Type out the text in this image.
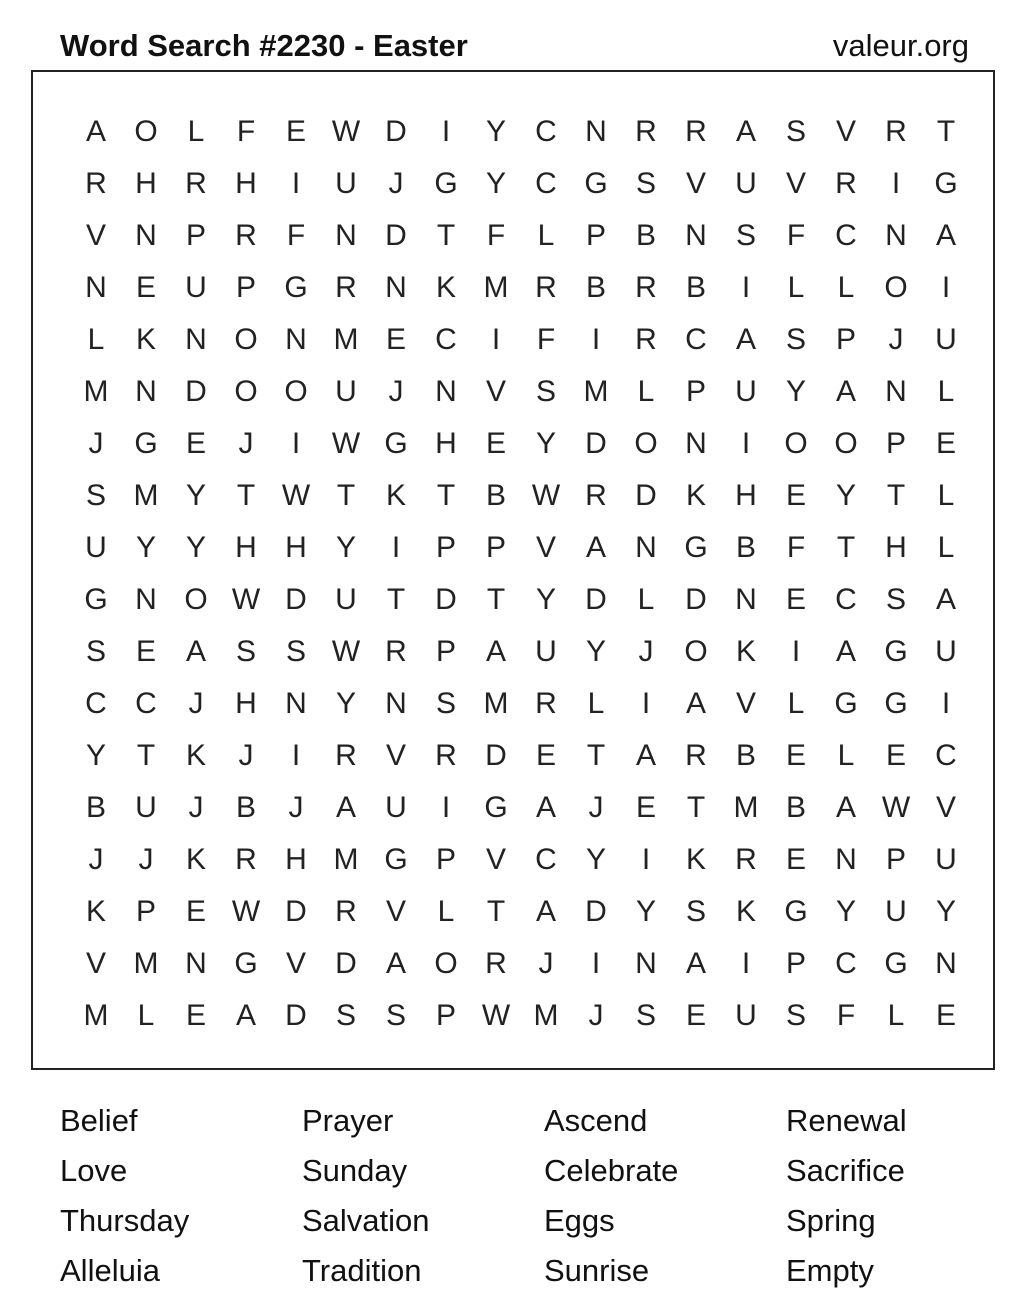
Word Search #2230 - Easter	valeur.org
A O L	F	E W D	I	Y C N R R A S V R	T
R H R H	I	U	J	G Y C G S V U V R	I	G
V N P R	F	N D	T	F	L	P B N S	F	C N A
N E U P G R N K M R B R B	I	L	L O	I
L	K N O N M E C	I	F	I	R C A S P	J	U
M N D O O U	J	N V S M L	P U Y A N	L
J	G E	J	I	W G H E Y D O N	I	O O P E
S M Y	T W T	K	T	B W R D K H E Y	T	L
U Y Y H H Y	I	P P V A N G B	F	T	H	L
G N O W D U	T	D	T	Y D	L	D N E C S A
S E A S S W R P A U Y	J	O K	I	A G U
C C	J	H N Y N S M R	L	I	A V	L G G	I
Y	T	K	J	I	R V R D E	T	A R B E	L	E C
B U	J	B	J	A U	I	G A	J	E	T M B A W V
J	J	K R H M G P V C Y	I	K R E N P U
K P E W D R V	L	T	A D Y S K G Y U Y
V M N G V D A O R	J	I	N A	I	P C G N
M L	E A D S S P W M	J	S E U S	F	L	E
Belief	Prayer	Ascend	Renewal
Love	Sunday	Celebrate	Sacrifice
Thursday	Salvation	Eggs	Spring
Alleluia	Tradition	Sunrise	Empty
